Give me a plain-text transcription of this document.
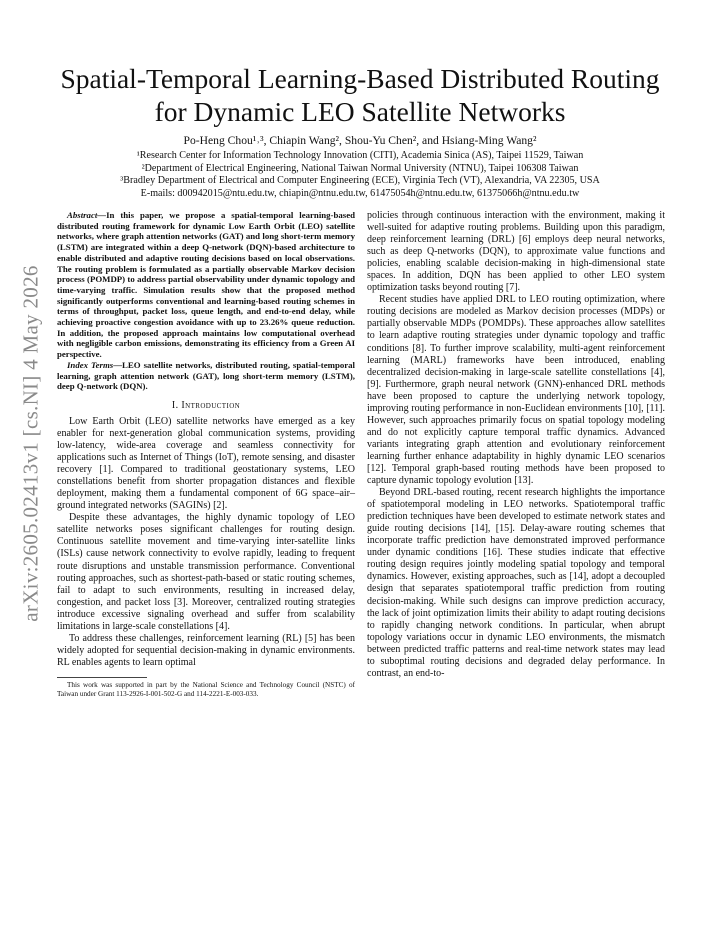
arXiv:2605.02413v1 [cs.NI] 4 May 2026
Spatial-Temporal Learning-Based Distributed Routing for Dynamic LEO Satellite Networks
Po-Heng Chou¹˒³, Chiapin Wang², Shou-Yu Chen², and Hsiang-Ming Wang²
¹Research Center for Information Technology Innovation (CITI), Academia Sinica (AS), Taipei 11529, Taiwan
²Department of Electrical Engineering, National Taiwan Normal University (NTNU), Taipei 106308 Taiwan
³Bradley Department of Electrical and Computer Engineering (ECE), Virginia Tech (VT), Alexandria, VA 22305, USA
E-mails: d00942015@ntu.edu.tw, chiapin@ntnu.edu.tw, 61475054h@ntnu.edu.tw, 61375066h@ntnu.edu.tw

Abstract—In this paper, we propose a spatial-temporal learning-based distributed routing framework for dynamic Low Earth Orbit (LEO) satellite networks, where graph attention networks (GAT) and long short-term memory (LSTM) are integrated within a deep Q-network (DQN)-based architecture to enable distributed and adaptive routing decisions based on local observations. The routing problem is formulated as a partially observable Markov decision process (POMDP) to address partial observability under dynamic topology and time-varying traffic. Simulation results show that the proposed method significantly outperforms conventional and learning-based routing schemes in terms of throughput, packet loss, queue length, and end-to-end delay, while achieving proactive congestion avoidance with up to 23.26% queue reduction. In addition, the proposed approach maintains low computational overhead with negligible carbon emissions, demonstrating its efficiency from a Green AI perspective.

Index Terms—LEO satellite networks, distributed routing, spatial-temporal learning, graph attention network (GAT), long short-term memory (LSTM), deep Q-network (DQN).

I. Introduction

Low Earth Orbit (LEO) satellite networks have emerged as a key enabler for next-generation global communication systems, providing low-latency, wide-area coverage and seamless connectivity for applications such as Internet of Things (IoT), remote sensing, and disaster recovery [1]. Compared to traditional geostationary systems, LEO constellations benefit from shorter propagation distances and flexible deployment, making them a fundamental component of 6G space–air–ground integrated networks (SAGINs) [2].

Despite these advantages, the highly dynamic topology of LEO satellite networks poses significant challenges for routing design. Continuous satellite movement and time-varying inter-satellite links (ISLs) cause network connectivity to evolve rapidly, leading to frequent route disruptions and unstable transmission performance. Conventional routing approaches, such as shortest-path-based or static routing schemes, fail to adapt to such environments, resulting in increased delay, congestion, and packet loss [3]. Moreover, centralized routing strategies introduce excessive signaling overhead and suffer from scalability limitations in large-scale constellations [4].

To address these challenges, reinforcement learning (RL) [5] has been widely adopted for sequential decision-making in dynamic environments. RL enables agents to learn optimal

This work was supported in part by the National Science and Technology Council (NSTC) of Taiwan under Grant 113-2926-I-001-502-G and 114-2221-E-003-033.

policies through continuous interaction with the environment, making it well-suited for adaptive routing problems. Building upon this paradigm, deep reinforcement learning (DRL) [6] employs deep neural networks, such as deep Q-networks (DQN), to approximate value functions and policies, enabling scalable decision-making in high-dimensional state spaces. In addition, DQN has been applied to other LEO system optimization tasks beyond routing [7].

Recent studies have applied DRL to LEO routing optimization, where routing decisions are modeled as Markov decision processes (MDPs) or partially observable MDPs (POMDPs). These approaches allow satellites to learn adaptive routing strategies under dynamic topology and traffic conditions [8]. To further improve scalability, multi-agent reinforcement learning (MARL) frameworks have been introduced, enabling decentralized decision-making in large-scale satellite constellations [4], [9]. Furthermore, graph neural network (GNN)-enhanced DRL methods have been proposed to capture the underlying network topology, improving routing performance in non-Euclidean environments [10], [11]. However, such approaches primarily focus on spatial topology modeling and do not explicitly capture temporal traffic dynamics. Advanced variants integrating graph attention and evolutionary reinforcement learning further enhance adaptability in highly dynamic LEO scenarios [12]. Temporal graph-based routing methods have been proposed to capture dynamic topology evolution [13].

Beyond DRL-based routing, recent research highlights the importance of spatiotemporal modeling in LEO networks. Spatiotemporal traffic prediction techniques have been developed to estimate network states and guide routing decisions [14], [15]. Delay-aware routing schemes that incorporate traffic prediction have demonstrated improved performance under dynamic conditions [16]. These studies indicate that effective routing design requires jointly modeling spatial topology and temporal dynamics. However, existing approaches, such as [14], adopt a decoupled design that separates spatiotemporal traffic prediction from routing decision-making. While such designs can improve prediction accuracy, the lack of joint optimization limits their ability to adapt routing decisions to rapidly changing network conditions. In particular, when abrupt topology variations occur in dynamic LEO environments, the mismatch between predicted traffic patterns and real-time network states may lead to suboptimal routing decisions and degraded delay performance. In contrast, an end-to-
